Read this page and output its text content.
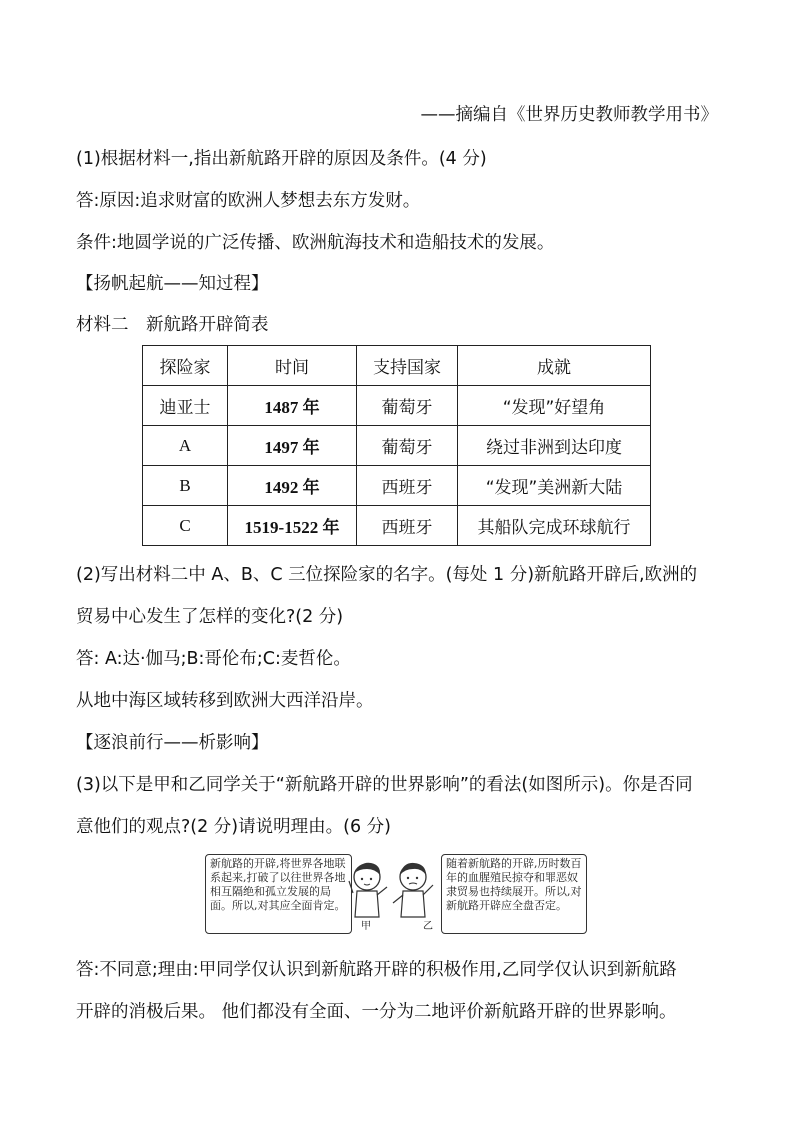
——摘编自《世界历史教师教学用书》
(1)根据材料一,指出新航路开辟的原因及条件。(4 分)
答:原因:追求财富的欧洲人梦想去东方发财。
条件:地圆学说的广泛传播、欧洲航海技术和造船技术的发展。
【扬帆起航——知过程】
材料二　新航路开辟简表
探险家	时间	支持国家	成就
迪亚士	1487 年	葡萄牙	“发现”好望角
A	1497 年	葡萄牙	绕过非洲到达印度
B	1492 年	西班牙	“发现”美洲新大陆
C	1519-1522 年	西班牙	其船队完成环球航行
(2)写出材料二中 A、B、C 三位探险家的名字。(每处 1 分)新航路开辟后,欧洲的
贸易中心发生了怎样的变化?(2 分)
答: A:达·伽马;B:哥伦布;C:麦哲伦。
从地中海区域转移到欧洲大西洋沿岸。
【逐浪前行——析影响】
(3)以下是甲和乙同学关于“新航路开辟的世界影响”的看法(如图所示)。你是否同
意他们的观点?(2 分)请说明理由。(6 分)
新航路的开辟,将世界各地联系起来,打破了以往世界各地相互隔绝和孤立发展的局面。所以,对其应全面肯定。
甲	乙
随着新航路的开辟,历时数百年的血腥殖民掠夺和罪恶奴隶贸易也持续展开。所以,对新航路开辟应全盘否定。
答:不同意;理由:甲同学仅认识到新航路开辟的积极作用,乙同学仅认识到新航路
开辟的消极后果。 他们都没有全面、一分为二地评价新航路开辟的世界影响。
